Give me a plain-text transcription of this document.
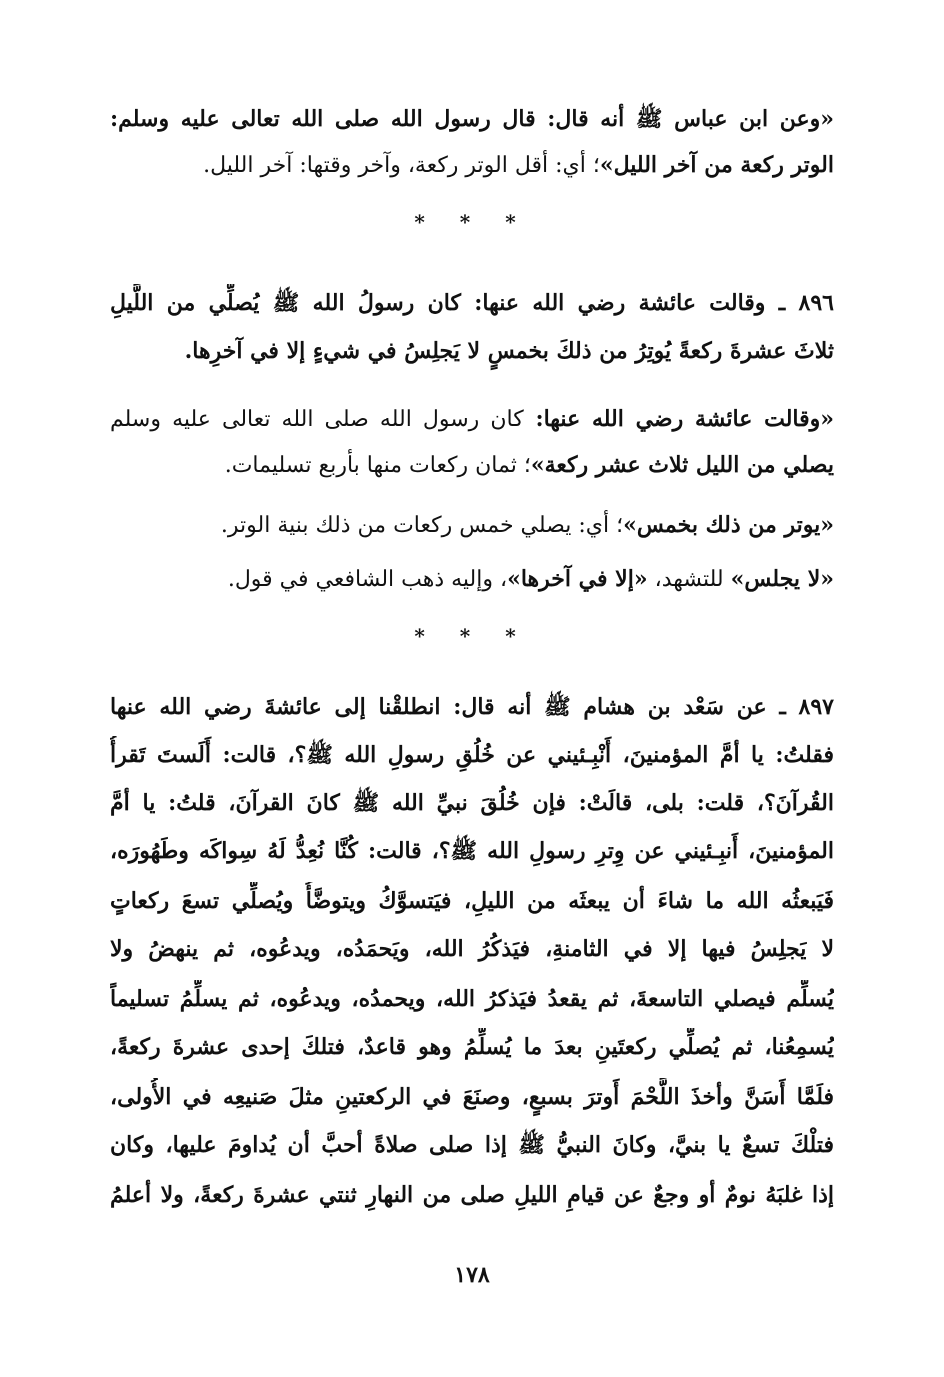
«وعن ابن عباس ﷺ أنه قال: قال رسول الله صلى الله تعالى عليه وسلم:
الوتر ركعة من آخر الليل»؛ أي: أقل الوتر ركعة، وآخر وقتها: آخر الليل.
* * *
٨٩٦ ـ وقالت عائشة رضي الله عنها: كان رسولُ الله ﷺ يُصلِّي من اللَّيلِ
ثلاثَ عشرةَ ركعةً يُوتِرُ من ذلكَ بخمسٍ لا يَجلِسُ في شيءٍ إلا في آخرِها.
«وقالت عائشة رضي الله عنها: كان رسول الله صلى الله تعالى عليه وسلم
يصلي من الليل ثلاث عشر ركعة»؛ ثمان ركعات منها بأربع تسليمات.
«يوتر من ذلك بخمس»؛ أي: يصلي خمس ركعات من ذلك بنية الوتر.
«لا يجلس» للتشهد، «إلا في آخرها»، وإليه ذهب الشافعي في قول.
* * *
٨٩٧ ـ عن سَعْد بن هشام ﷺ أنه قال: انطلقْنا إلى عائشةَ رضي الله عنها
فقلتُ: يا أمَّ المؤمنينَ، أَنْبِـئيني عن خُلُقِ رسولِ الله ﷺ؟، قالت: أَلَستَ تَقرأُ
القُرآنَ؟، قلت: بلى، قالَتْ: فإن خُلُقَ نبيِّ الله ﷺ كانَ القرآنَ، قلتُ: يا أمَّ
المؤمنينَ، أَنبِـئيني عن وِترِ رسولِ الله ﷺ؟، قالت: كُنَّا نُعِدُّ لَهُ سِواكَه وطَهُورَه،
فَيَبعثُه الله ما شاءَ أن يبعثَه من الليلِ، فيَتسوَّكُ ويتوضَّأُ ويُصلِّي تسعَ ركعاتٍ
لا يَجلِسُ فيها إلا في الثامنةِ، فيَذكُرُ الله، ويَحمَدُه، ويدعُوه، ثم ينهضُ ولا
يُسلِّم فيصلي التاسعةَ، ثم يقعدُ فيَذكرُ الله، ويحمدُه، ويدعُوه، ثم يسلِّمُ تسليماً
يُسمِعُنا، ثم يُصلِّي ركعتَينِ بعدَ ما يُسلِّمُ وهو قاعدٌ، فتلكَ إحدى عشرةَ ركعةً،
فلَمَّا أَسَنَّ وأخذَ اللَّحْمَ أَوترَ بسبعٍ، وصنَعَ في الركعتينِ مثلَ صَنيعِه في الأُولى،
فتلْكَ تسعٌ يا بنيَّ، وكانَ النبيُّ ﷺ إذا صلى صلاةً أحبَّ أن يُداومَ عليها، وكان
إذا غلبَهُ نومٌ أو وجعٌ عن قيامِ الليلِ صلى من النهارِ ثنتي عشرةَ ركعةً، ولا أعلمُ
١٧٨
